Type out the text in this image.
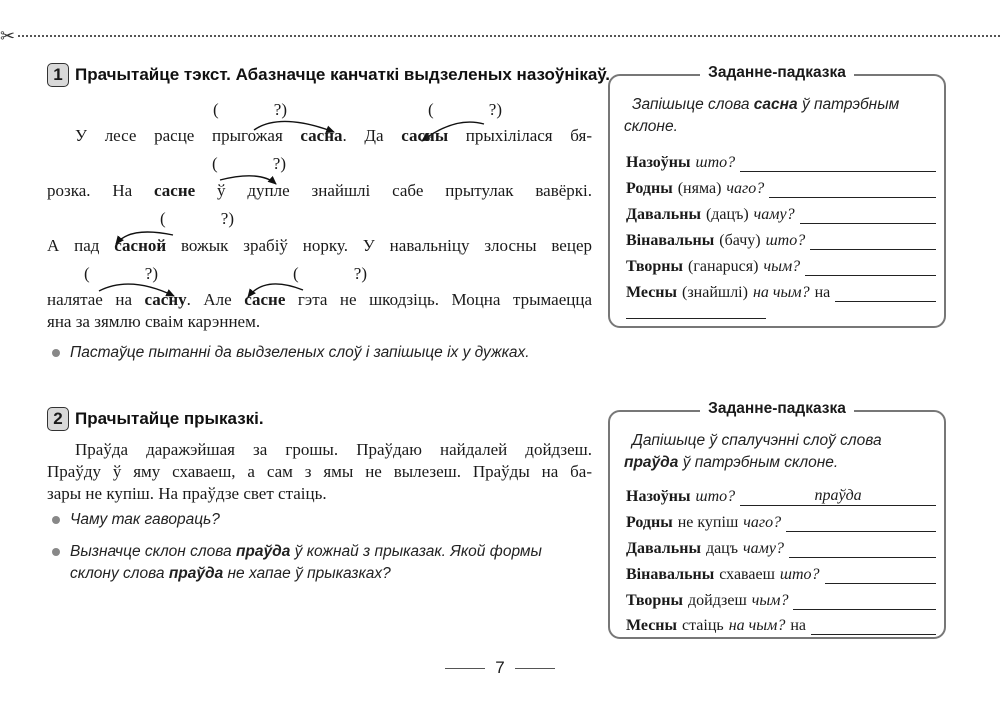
✂
1 Прачытайце тэкст. Абазначце канчаткі выдзеленых назоўнікаў.
(	?)	(	?)
(	?)
(	?)
(	?)	(	?)
У лесе расце прыгожая сасна. Да сасны прыхілілася бя-
розка. На сасне ў дупле знайшлі сабе прытулак вавёркі.
А пад сасной вожык зрабіў норку. У навальніцу злосны вецер
налятае на сасну. Але сасне гэта не шкодзіць. Моцна трымаецца
яна за зямлю сваім карэннем.
Пастаўце пытанні да выдзеленых слоў і запішыце іх у дужках.
Заданне-падказка
Запішыце слова сасна ў патрэбным склоне.
Назоўны што?
Родны (няма) чаго?
Давальны (дацъ) чаму?
Вінавальны (бачу) што?
Творны (ганарuся) чым?
Месны (знайшлі) на чым? на
2 Прачытайце прыказкі.
Праўда даражэйшая за грошы. Праўдаю найдалей дойдзеш.
Праўду ў яму схаваеш, а сам з ямы не вылезеш. Праўды на ба-
зары не купіш. На праўдзе свет стаіць.
Чаму так гавораць?
Вызначце склон слова праўда ў кожнай з прыказак. Якой формы
склону слова праўда не хапае ў прыказках?
Заданне-падказка
Дапішыце ў спалучэнні слоў слова
праўда ў патрэбным склоне.
Назоўны што?	праўда
Родны не купіш чаго?
Давальны дацъ чаму?
Вінавальны схаваеш што?
Творны дойдзеш чым?
Месны стаіць на чым? на
7
